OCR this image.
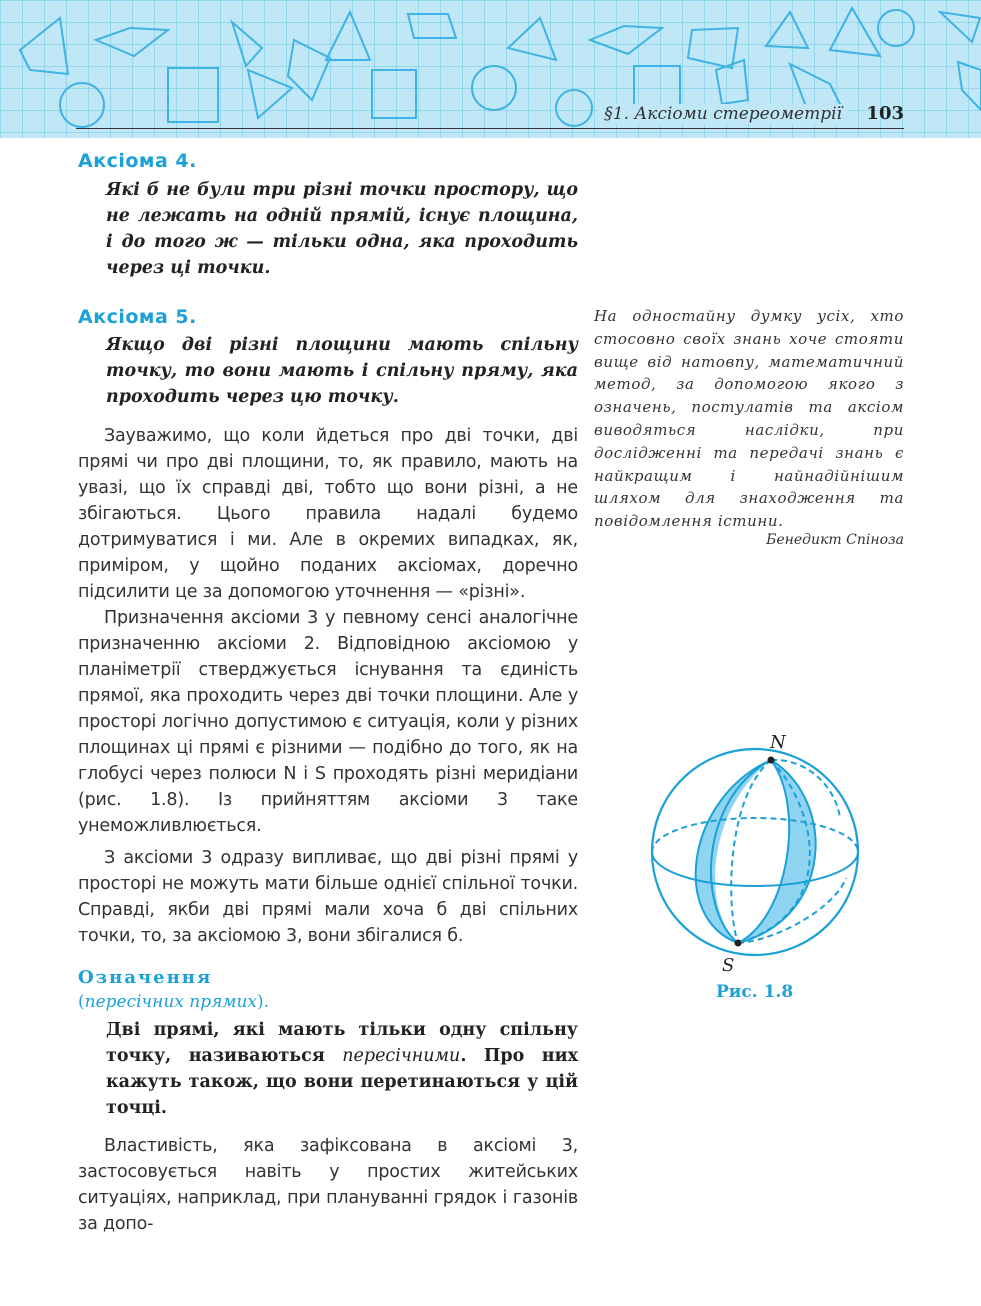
§1. Аксіоми стереометрії	103
Аксіома 4.
Які б не були три різні точки простору, що не лежать на одній прямій, існує площина, і до того ж — тільки одна, яка проходить через ці точки.
Аксіома 5.
Якщо дві різні площини мають спільну точку, то вони мають і спільну пряму, яка проходить через цю точку.
Зауважимо, що коли йдеться про дві точки, дві прямі чи про дві площини, то, як правило, мають на увазі, що їх справді дві, тобто що вони різні, а не збігаються. Цього правила надалі будемо дотримуватися і ми. Але в окремих випадках, як, приміром, у щойно поданих аксіомах, доречно підсилити це за допомогою уточнення — «різні».
Призначення аксіоми 3 у певному сенсі аналогічне призначенню аксіоми 2. Відповідною аксіомою у планіметрії стверджується існування та єдиність прямої, яка проходить через дві точки площини. Але у просторі логічно допустимою є ситуація, коли у різних площинах ці прямі є різними — подібно до того, як на глобусі через полюси N і S проходять різні меридіани (рис. 1.8). Із прийняттям аксіоми 3 таке унеможливлюється.
З аксіоми 3 одразу випливає, що дві різні прямі у просторі не можуть мати більше однієї спільної точки. Справді, якби дві прямі мали хоча б дві спільних точки, то, за аксіомою 3, вони збігалися б.
Означення
(пересічних прямих).
Дві прямі, які мають тільки одну спільну точку, називаються пересічними. Про них кажуть також, що вони перетинаються у цій точці.
Властивість, яка зафіксована в аксіомі 3, застосовується навіть у простих житейських ситуаціях, наприклад, при плануванні грядок і газонів за допо-
На одностайну думку усіх, хто стосовно своїх знань хоче стояти вище від натовпу, математичний метод, за допомогою якого з означень, постулатів та аксіом виводяться наслідки, при дослідженні та передачі знань є найкращим і найнадійнішим шляхом для знаходження та повідомлення істини.
Бенедикт Спіноза
N
S
Рис. 1.8
